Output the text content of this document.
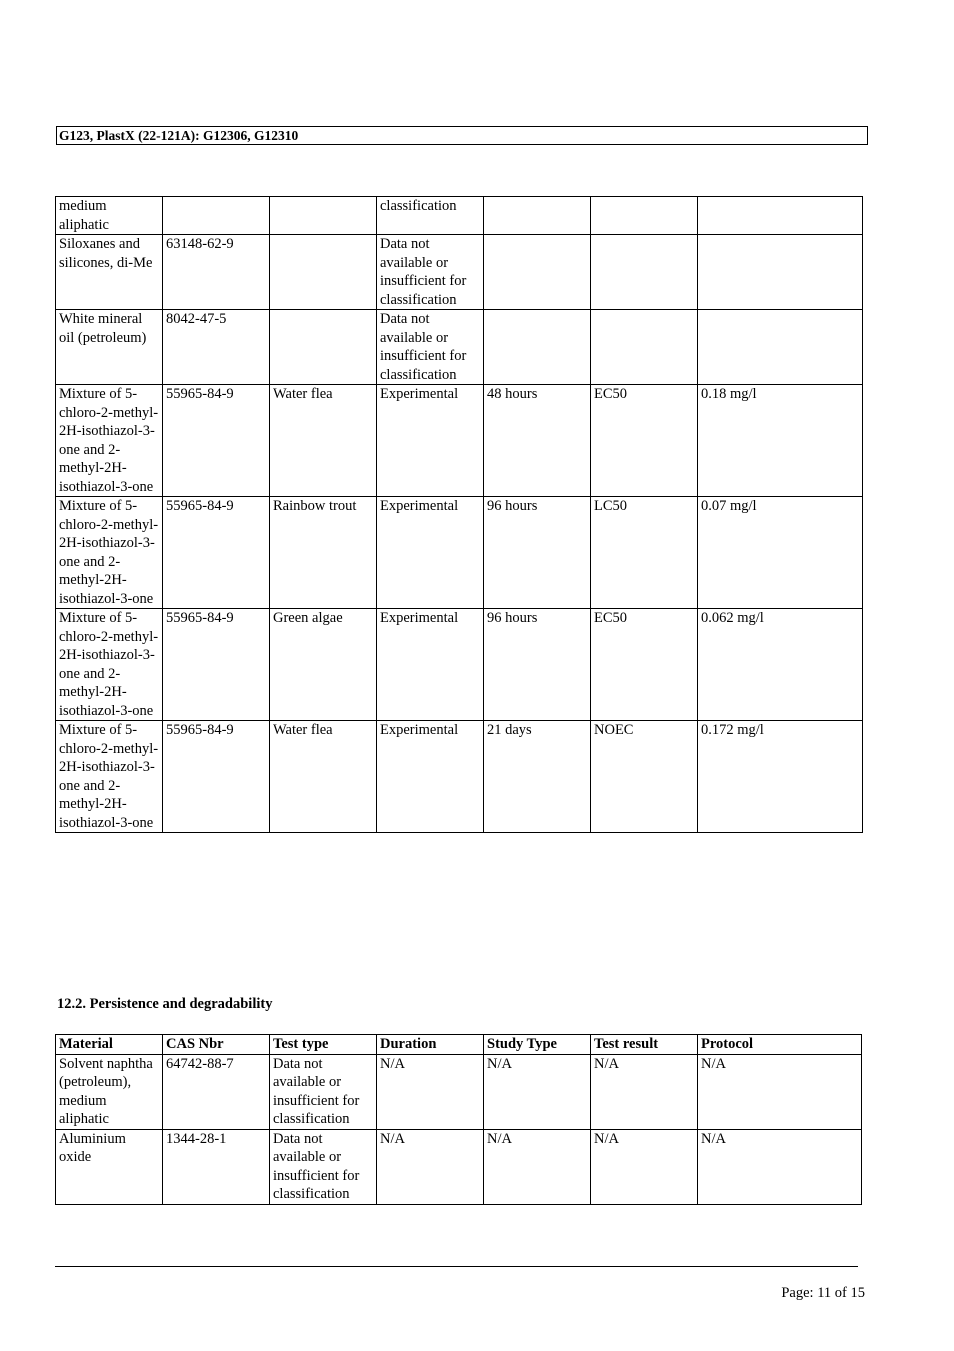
G123, PlastX (22-121A): G12306, G12310
medium aliphatic			classification			
Siloxanes and silicones, di-Me	63148-62-9		Data not available or insufficient for classification			
White mineral oil (petroleum)	8042-47-5		Data not available or insufficient for classification			
Mixture of 5-chloro-2-methyl-2H-isothiazol-3-one and 2-methyl-2H-isothiazol-3-one	55965-84-9	Water flea	Experimental	48 hours	EC50	0.18 mg/l
Mixture of 5-chloro-2-methyl-2H-isothiazol-3-one and 2-methyl-2H-isothiazol-3-one	55965-84-9	Rainbow trout	Experimental	96 hours	LC50	0.07 mg/l
Mixture of 5-chloro-2-methyl-2H-isothiazol-3-one and 2-methyl-2H-isothiazol-3-one	55965-84-9	Green algae	Experimental	96 hours	EC50	0.062 mg/l
Mixture of 5-chloro-2-methyl-2H-isothiazol-3-one and 2-methyl-2H-isothiazol-3-one	55965-84-9	Water flea	Experimental	21 days	NOEC	0.172 mg/l
12.2. Persistence and degradability
Material	CAS Nbr	Test type	Duration	Study Type	Test result	Protocol
Solvent naphtha (petroleum), medium aliphatic	64742-88-7	Data not available or insufficient for classification	N/A	N/A	N/A	N/A
Aluminium oxide	1344-28-1	Data not available or insufficient for classification	N/A	N/A	N/A	N/A
Page: 11 of 15
